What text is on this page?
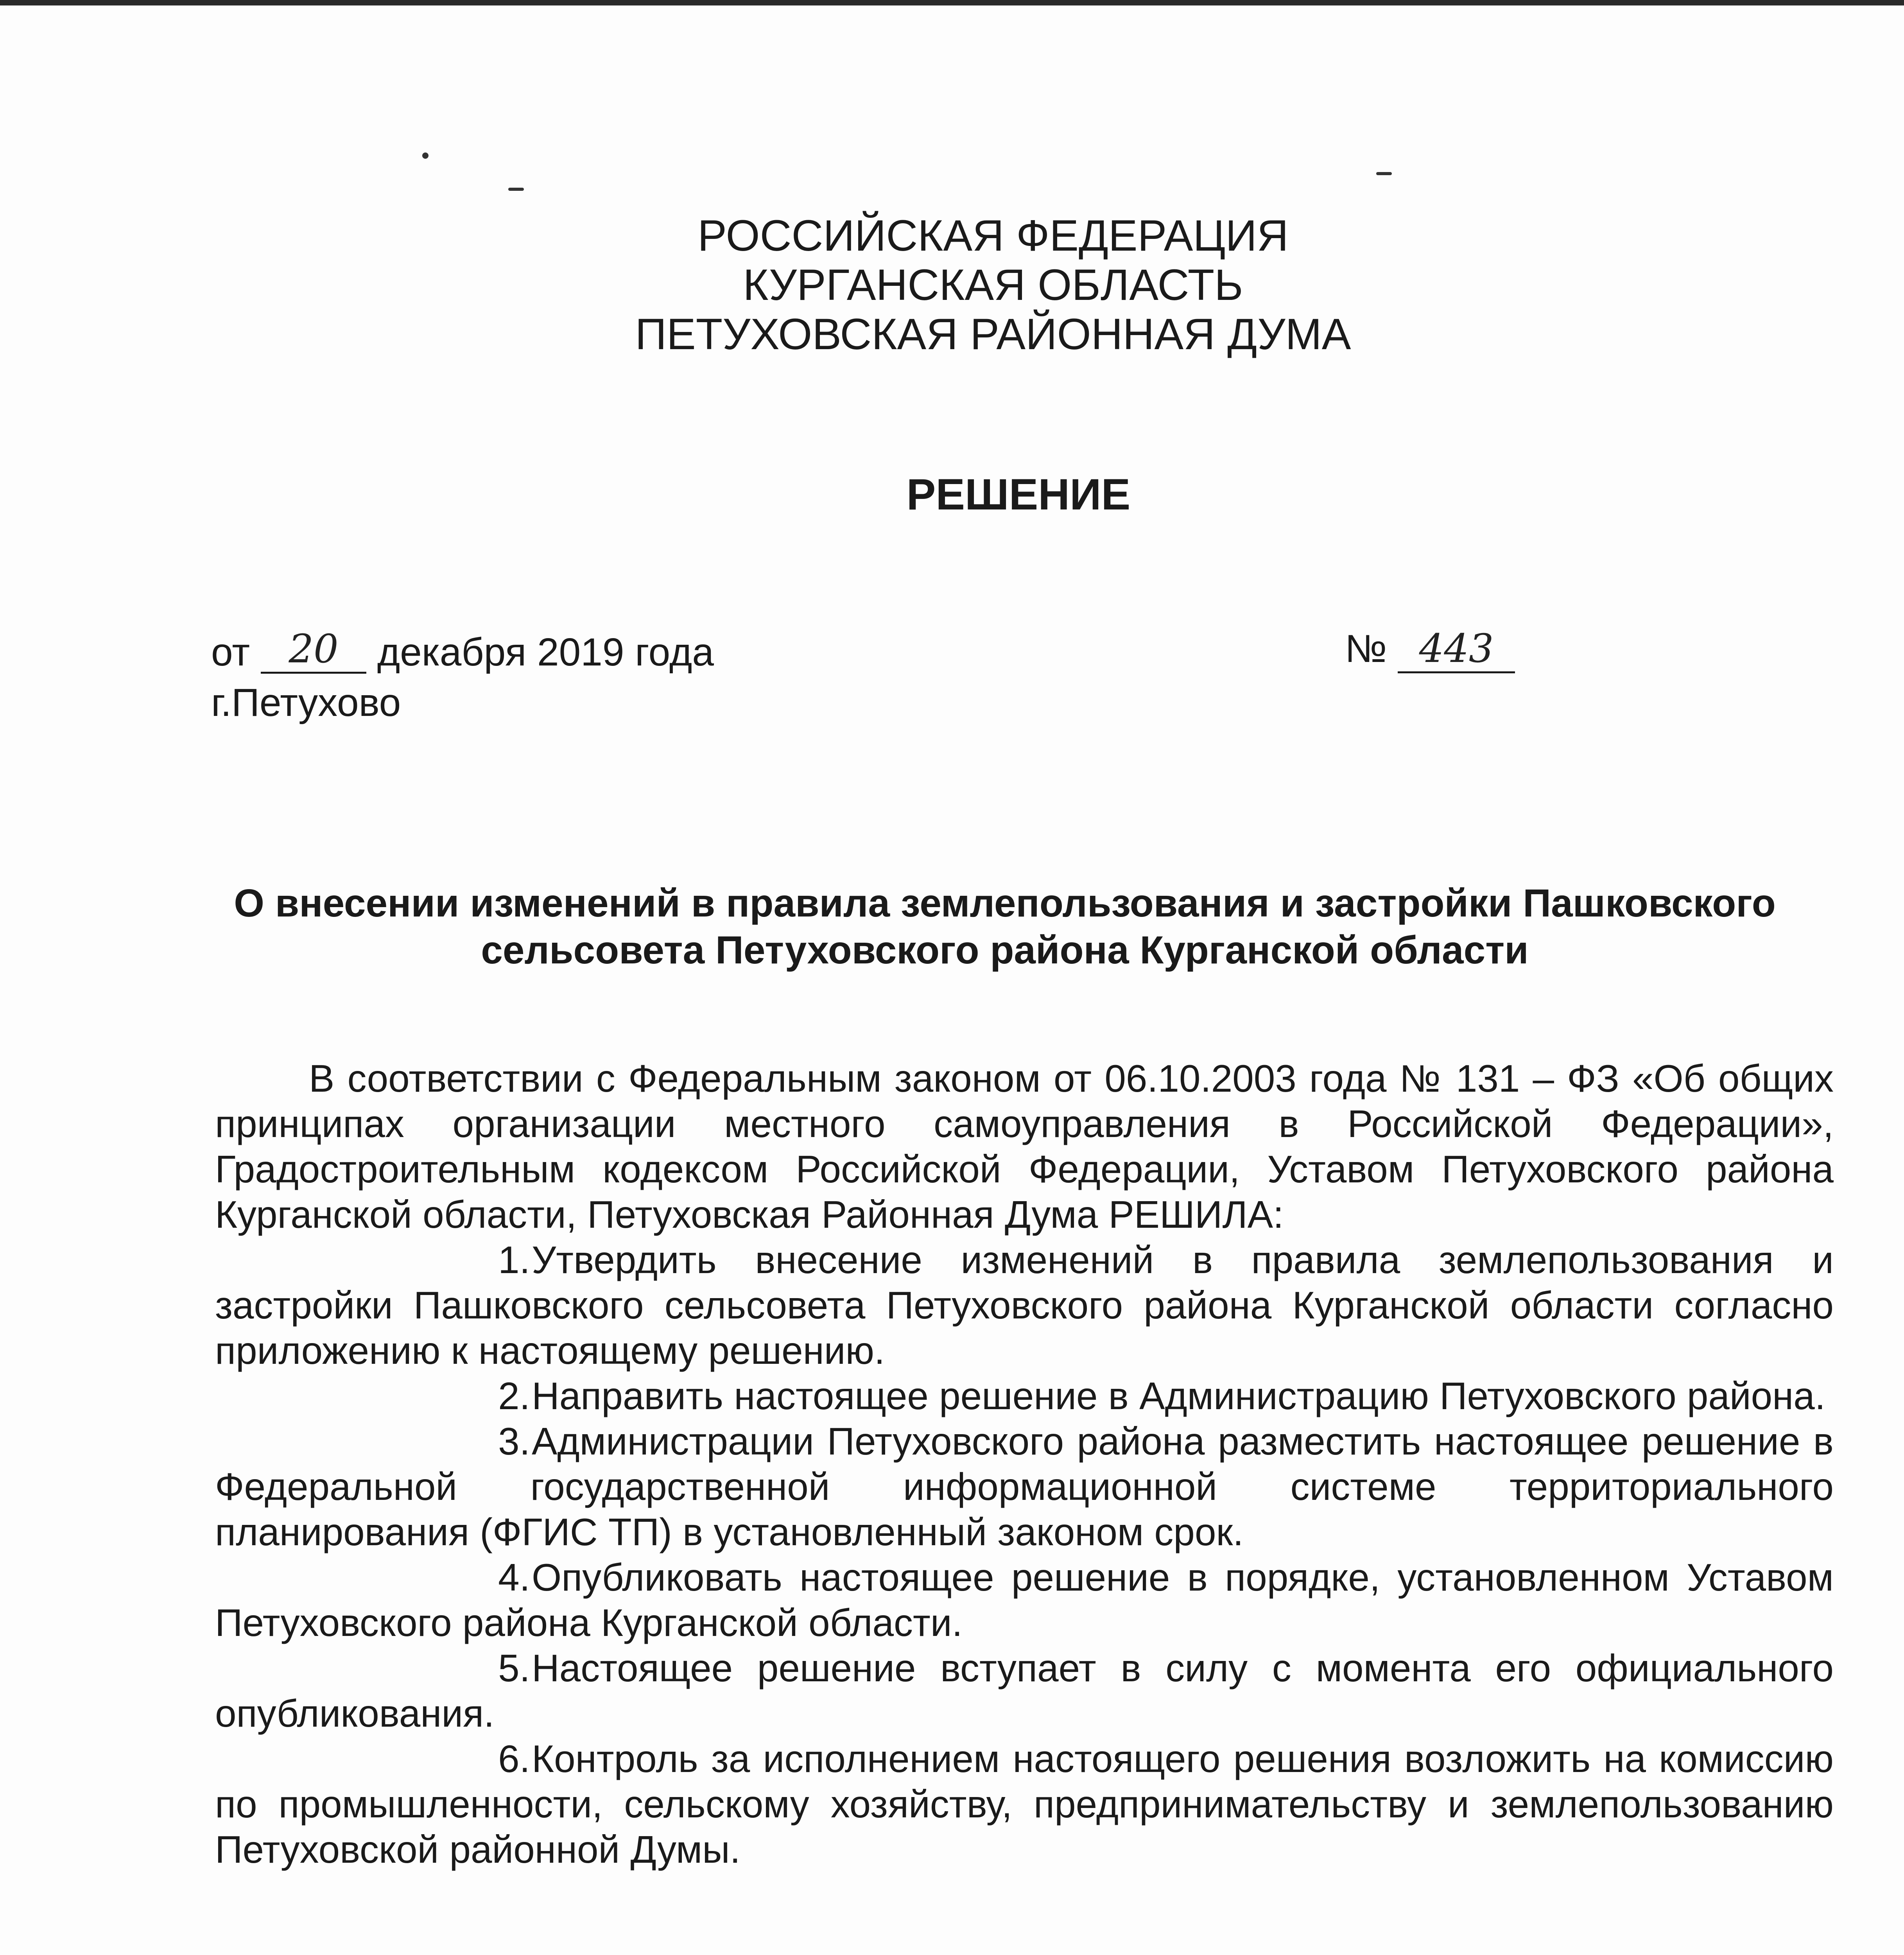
РОССИЙСКАЯ ФЕДЕРАЦИЯ
КУРГАНСКАЯ ОБЛАСТЬ
ПЕТУХОВСКАЯ РАЙОННАЯ ДУМА
РЕШЕНИЕ
от 20 декабря 2019 года
г.Петухово
№ 443
О внесении изменений в правила землепользования и застройки Пашковского сельсовета Петуховского района Курганской области

В соответствии с Федеральным законом от 06.10.2003 года № 131 – ФЗ «Об общих принципах организации местного самоуправления в Российской Федерации», Градостроительным кодексом Российской Федерации, Уставом Петуховского района Курганской области, Петуховская Районная Дума РЕШИЛА:

1.Утвердить внесение изменений в правила землепользования и застройки Пашковского сельсовета Петуховского района Курганской области согласно приложению к настоящему решению.

2.Направить настоящее решение в Администрацию Петуховского района.

3.Администрации Петуховского района разместить настоящее решение в Федеральной государственной информационной системе территориального планирования (ФГИС ТП) в установленный законом срок.

4.Опубликовать настоящее решение в порядке, установленном Уставом Петуховского района Курганской области.

5.Настоящее решение вступает в силу с момента его официального опубликования.

6.Контроль за исполнением настоящего решения возложить на комиссию по промышленности, сельскому хозяйству, предпринимательству и землепользованию Петуховской районной Думы.
